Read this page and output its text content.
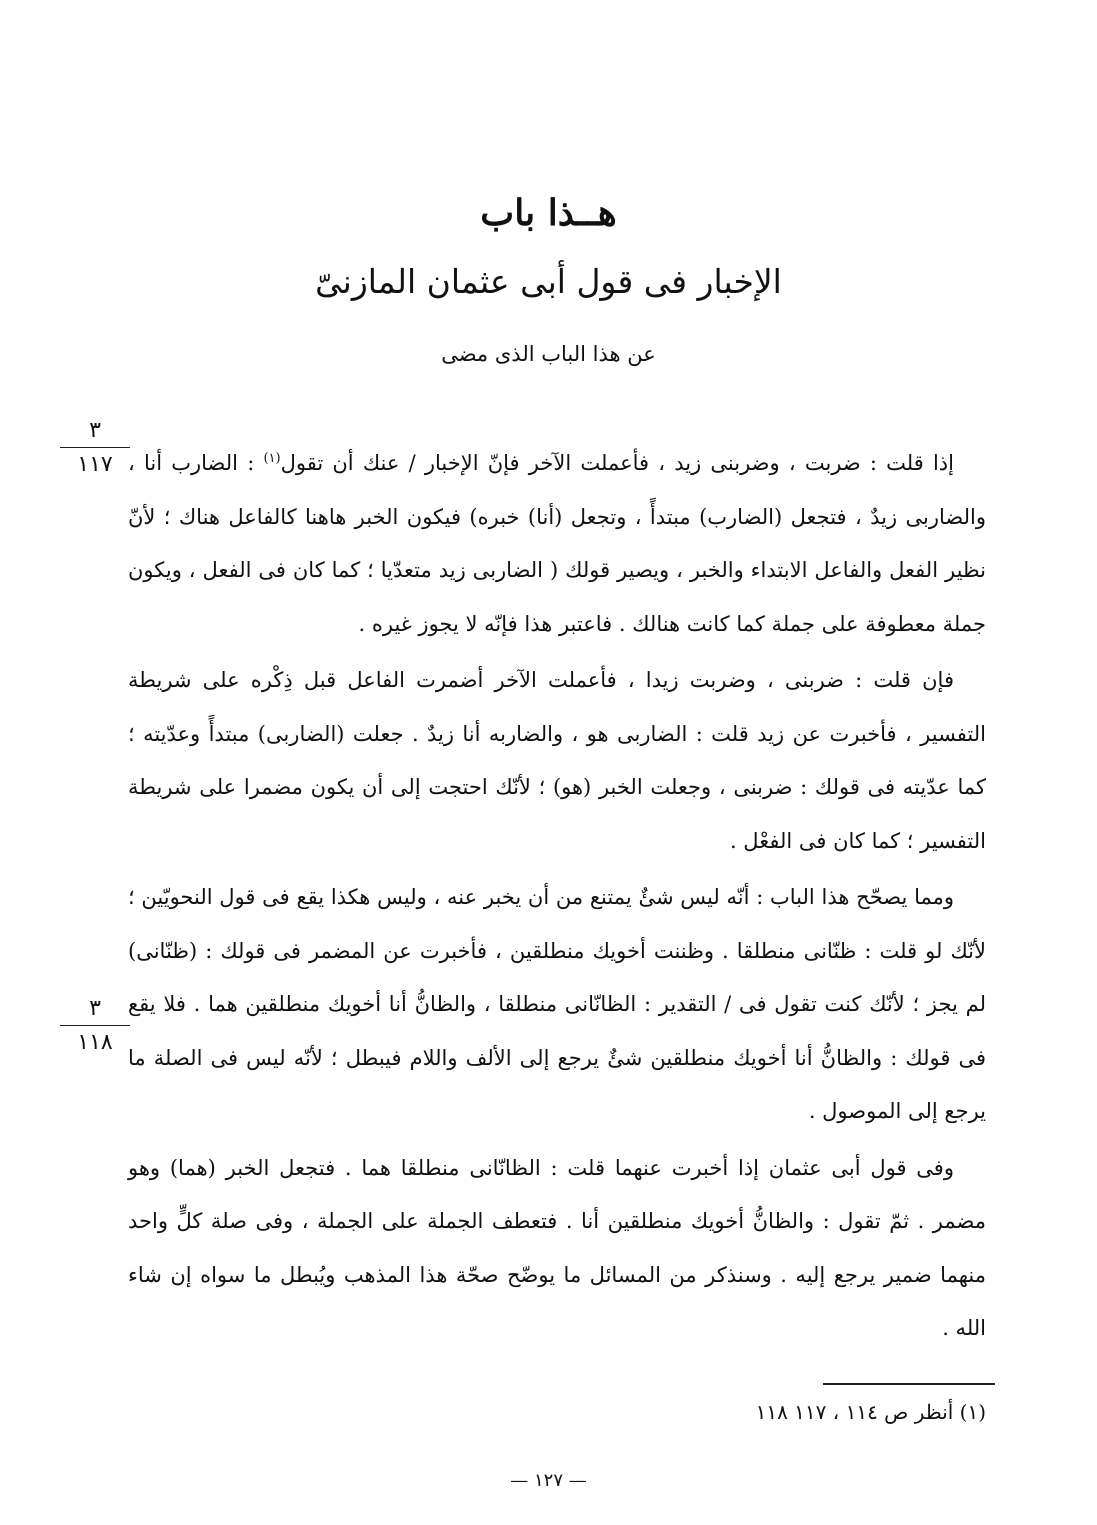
هــذا باب
الإخبار فى قول أبى عثمان المازنىّ
عن هذا الباب الذى مضى
٣
١١٧
٣
١١٨

إذا قلت : ضربت ، وضربنى زيد ، فأعملت الآخر فإنّ الإخبار / عنك أن تقول$^{(١)}$ : الضارب أنا ، والضاربى زيدٌ ، فتجعل (الضارب) مبتدأً ، وتجعل (أنا) خبره) فيكون الخبر هاهنا كالفاعل هناك ؛ لأنّ نظير الفعل والفاعل الابتداء والخبر ، ويصير قولك ( الضاربى زيد متعدّيا ؛ كما كان فى الفعل ، ويكون جملة معطوفة على جملة كما كانت هنالك . فاعتبر هذا فإنّه لا يجوز غيره .

فإن قلت : ضربنى ، وضربت زيدا ، فأعملت الآخر أضمرت الفاعل قبل ذِكْره على شريطة التفسير ، فأخبرت عن زيد قلت : الضاربى هو ، والضاربه أنا زيدٌ . جعلت (الضاربى) مبتدأً وعدّيته ؛ كما عدّيته فى قولك : ضربنى ، وجعلت الخبر (هو) ؛ لأنّك احتجت إلى أن يكون مضمرا على شريطة التفسير ؛ كما كان فى الفعْل .

ومما يصحّح هذا الباب : أنّه ليس شئٌ يمتنع من أن يخبر عنه ، وليس هكذا يقع فى قول النحويّين ؛ لأنّك لو قلت : ظنّانى منطلقا . وظننت أخويك منطلقين ، فأخبرت عن المضمر فى قولك : (ظنّانى) لم يجز ؛ لأنّك كنت تقول فى / التقدير : الظانّانى منطلقا ، والظانُّ أنا أخويك منطلقين هما . فلا يقع فى قولك : والظانُّ أنا أخويك منطلقين شئٌ يرجع إلى الألف واللام فيبطل ؛ لأنّه ليس فى الصلة ما يرجع إلى الموصول .

وفى قول أبى عثمان إذا أخبرت عنهما قلت : الظانّانى منطلقا هما . فتجعل الخبر (هما) وهو مضمر . ثمّ تقول : والظانُّ أخويك منطلقين أنا . فتعطف الجملة على الجملة ، وفى صلة كلٍّ واحد منهما ضمير يرجع إليه . وسنذكر من المسائل ما يوضّح صحّة هذا المذهب ويُبطل ما سواه إن شاء الله .

(١) أنظر ص ١١٤ ، ١١٧ ١١٨
— ١٢٧ —
